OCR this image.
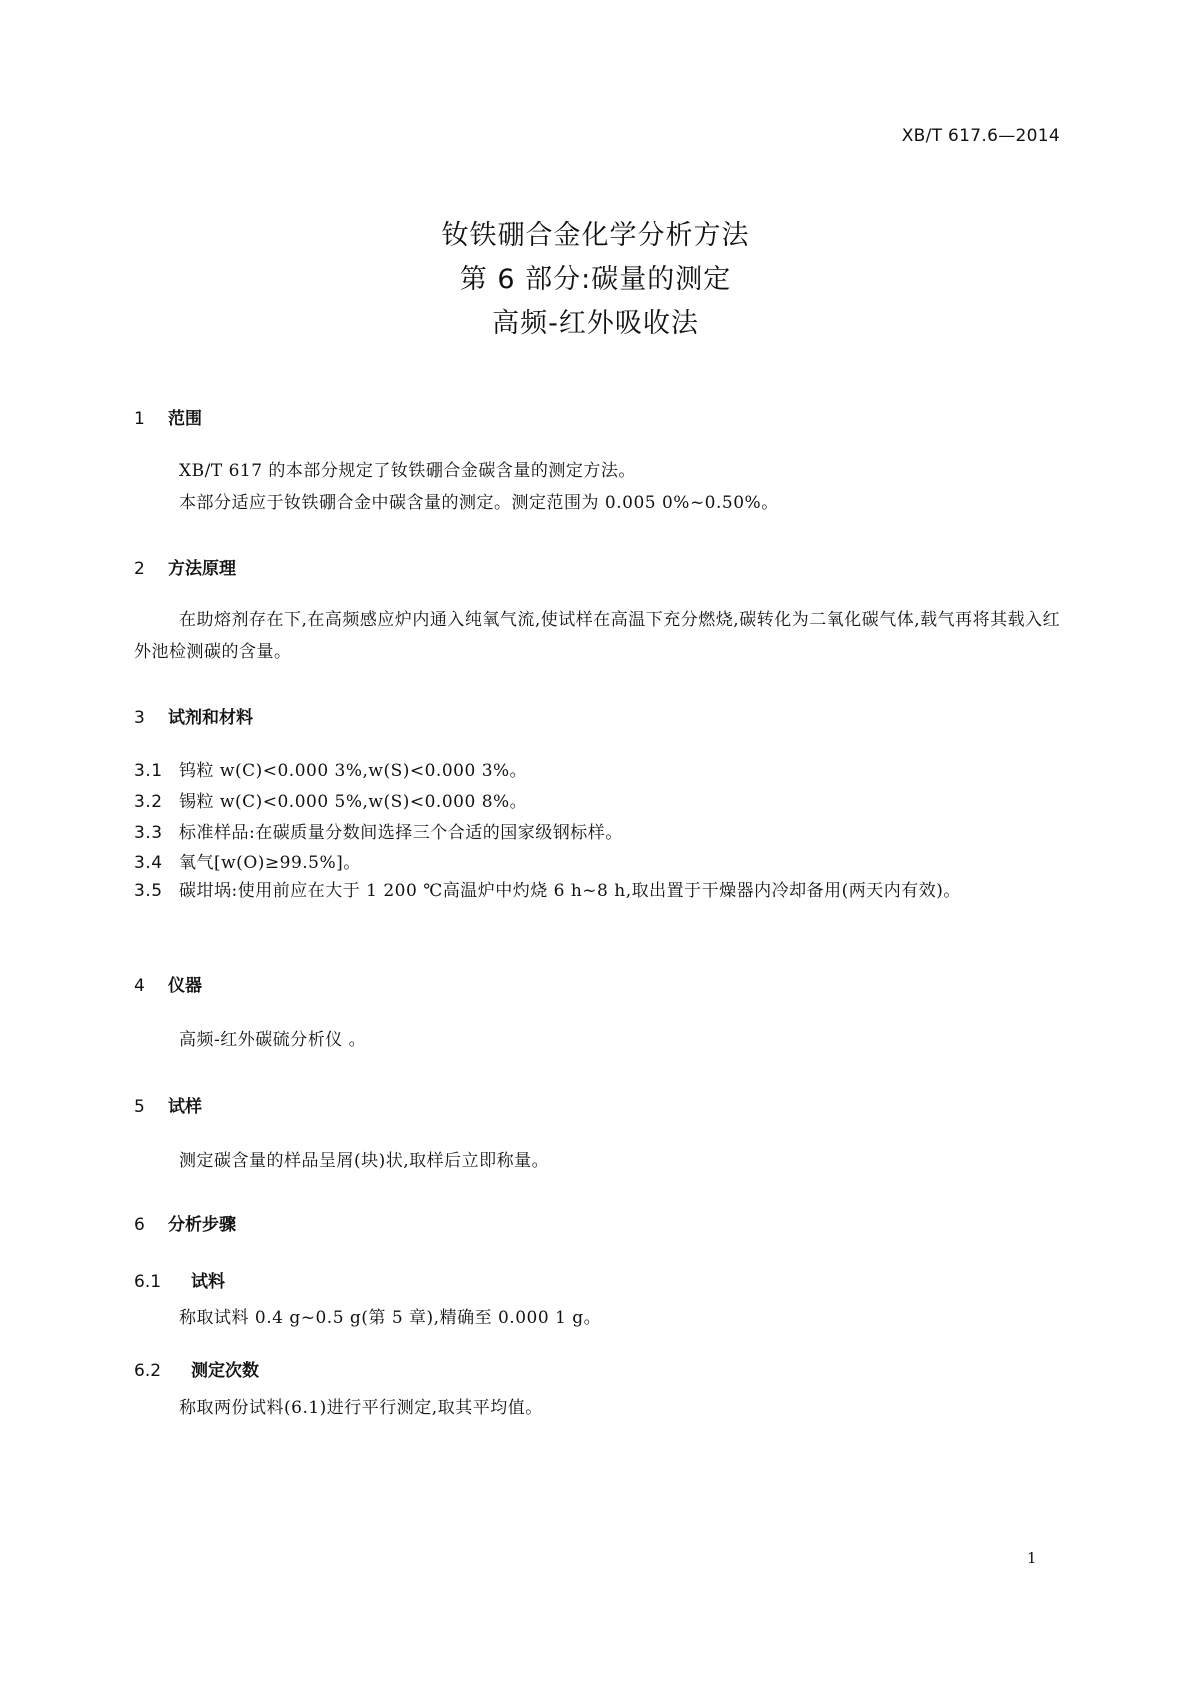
XB/T 617.6—2014
钕铁硼合金化学分析方法
第 6 部分:碳量的测定
高频-红外吸收法
1 范围
XB/T 617 的本部分规定了钕铁硼合金碳含量的测定方法。
本部分适应于钕铁硼合金中碳含量的测定。测定范围为 0.005 0%~0.50%。
2 方法原理
在助熔剂存在下,在高频感应炉内通入纯氧气流,使试样在高温下充分燃烧,碳转化为二氧化碳气体,载气再将其载入红外池检测碳的含量。
3 试剂和材料
3.1 钨粒 w(C)<0.000 3%,w(S)<0.000 3%。
3.2 锡粒 w(C)<0.000 5%,w(S)<0.000 8%。
3.3 标准样品:在碳质量分数间选择三个合适的国家级钢标样。
3.4 氧气[w(O)≥99.5%]。
3.5 碳坩埚:使用前应在大于 1 200 ℃高温炉中灼烧 6 h~8 h,取出置于干燥器内冷却备用(两天内有效)。
4 仪器
高频-红外碳硫分析仪 。
5 试样
测定碳含量的样品呈屑(块)状,取样后立即称量。
6 分析步骤
6.1 试料
称取试料 0.4 g~0.5 g(第 5 章),精确至 0.000 1 g。
6.2 测定次数
称取两份试料(6.1)进行平行测定,取其平均值。
1
